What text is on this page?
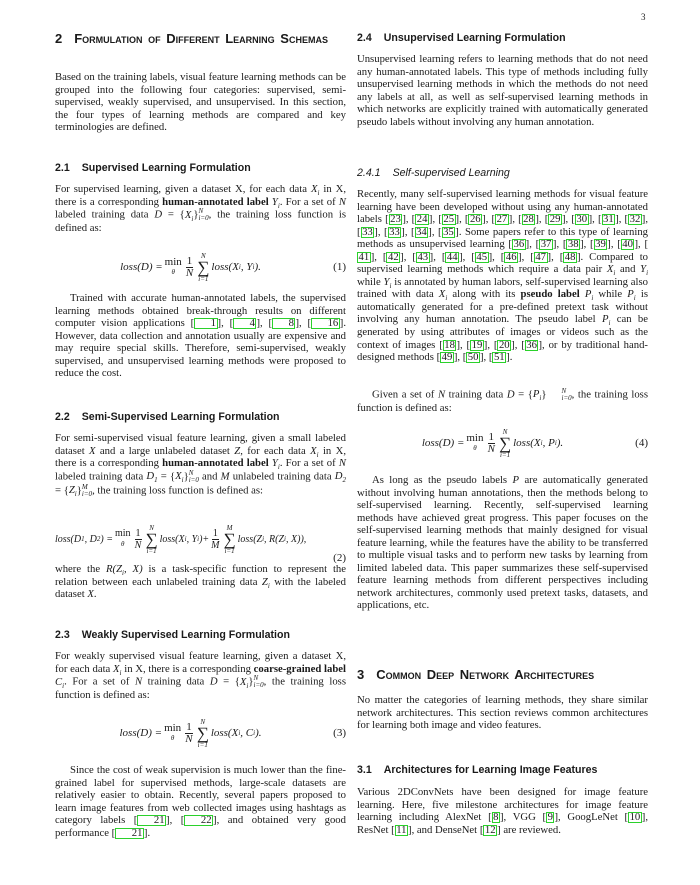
3
2 Formulation of Different Learning Schemas
Based on the training labels, visual feature learning methods can be grouped into the following four categories: supervised, semi-supervised, weakly supervised, and unsupervised. In this section, the four types of learning methods are compared and key terminologies are defined.
2.1 Supervised Learning Formulation
For supervised learning, given a dataset X, for each data $X_i$ in X, there is a corresponding human-annotated label $Y_i$. For a set of N labeled training data $D = \{X_i\}$ N
i=0 , the training loss function is defined as:
loss(D) = min
θ $\frac{1}{N}$ N
∑
i=1
loss(X i , Y i ).	(1)
Trained with accurate human-annotated labels, the supervised learning methods obtained break-through results on different computer vision applications [ 1 ], [ 4 ], [ 8 ], [ 16 ]. However, data collection and annotation usually are expensive and may require special skills. Therefore, semi-supervised, weakly supervised, and unsupervised learning methods were proposed to reduce the cost.
2.2 Semi-Supervised Learning Formulation
For semi-supervised visual feature learning, given a small labeled dataset X and a large unlabeled dataset Z, for each data $X_i$ in X, there is a corresponding human-annotated label $Y_i$. For a set of N labeled training data $D_1 = \{X_i\}$ N
i=0 and M unlabeled training data $D_2 = \{Z_i\}$ M
i=0 , the training loss function is defined as:
loss(D 1 , D 2 ) = min
θ $\frac{1}{N}$ N
∑
i=1
loss(X i , Y i )+ $\frac{1}{M}$ M
∑
i=1
loss(Z i , R(Z i , X)),
(2)
where the $R(Z_i$, X) is a task-specific function to represent the relation between each unlabeled training data $Z_i$ with the labeled dataset X.
2.3 Weakly Supervised Learning Formulation
For weakly supervised visual feature learning, given a dataset X, for each data $X_i$ in X, there is a corresponding coarse-grained label $C_i$. For a set of N training data $D = \{X_i\}$ N
i=0 , the training loss function is defined as:
loss(D) = min
θ $\frac{1}{N}$ N
∑
i=1
loss(X i , C i ).	(3)
Since the cost of weak supervision is much lower than the fine-grained label for supervised methods, large-scale datasets are relatively easier to obtain. Recently, several papers proposed to learn image features from web collected images using hashtags as category labels [ 21 ], [ 22 ], and obtained very good performance [ 21 ].
2.4 Unsupervised Learning Formulation
Unsupervised learning refers to learning methods that do not need any human-annotated labels. This type of methods including fully unsupervised learning methods in which the methods do not need any labels at all, as well as self-supervised learning methods in which networks are explicitly trained with automatically generated pseudo labels without involving any human annotation.
2.4.1 Self-supervised Learning
Recently, many self-supervised learning methods for visual feature learning have been developed without using any human-annotated labels [ 23 ], [ 24 ], [ 25 ], [ 26 ], [ 27 ], [ 28 ], [ 29 ], [ 30 ], [ 31 ], [ 32 ], [ 33 ], [ 33 ], [ 34 ], [ 35 ]. Some papers refer to this type of learning methods as unsupervised learning [ 36 ], [ 37 ], [ 38 ], [ 39 ], [ 40 ], [41 ], [ 42 ], [ 43 ], [ 44 ], [ 45 ], [ 46 ], [ 47 ], [ 48 ]. Compared to supervised learning methods which require a data pair $X_i$ and $Y_i$ while $Y_i$ is annotated by human labors, self-supervised learning also trained with data $X_i$ along with its pseudo label $P_i$ while $P_i$ is automatically generated for a pre-defined pretext task without involving any human annotation. The pseudo label $P_i$ can be generated by using attributes of images or videos such as the context of images [ 18 ], [ 19 ], [ 20 ], [ 36 ], or by traditional hand-designed methods [ 49 ], [ 50 ], [ 51 ].
Given a set of N training data $D = \{P_i\}$	N
i=0 , the training loss function is defined as:
loss(D) = min
θ $\frac{1}{N}$ N
∑
i=1
loss(X i , P i ).	(4)
As long as the pseudo labels P are automatically generated without involving human annotations, then the methods belong to self-supervised learning. Recently, self-supervised learning methods have achieved great progress. This paper focuses on the self-supervised learning methods that mainly designed for visual feature learning, while the features have the ability to be transferred to multiple visual tasks and to perform new tasks by learning from limited labeled data. This paper summarizes these self-supervised feature learning methods from different perspectives including network architectures, commonly used pretext tasks, datasets, and applications, etc.
3 Common Deep Network Architectures
No matter the categories of learning methods, they share similar network architectures. This section reviews common architectures for learning both image and video features.
3.1 Architectures for Learning Image Features
Various 2DConvNets have been designed for image feature learning. Here, five milestone architectures for image feature learning including AlexNet [ 8 ], VGG [ 9 ], GoogLeNet [ 10 ], ResNet [ 11 ], and DenseNet [ 12 ] are reviewed.
